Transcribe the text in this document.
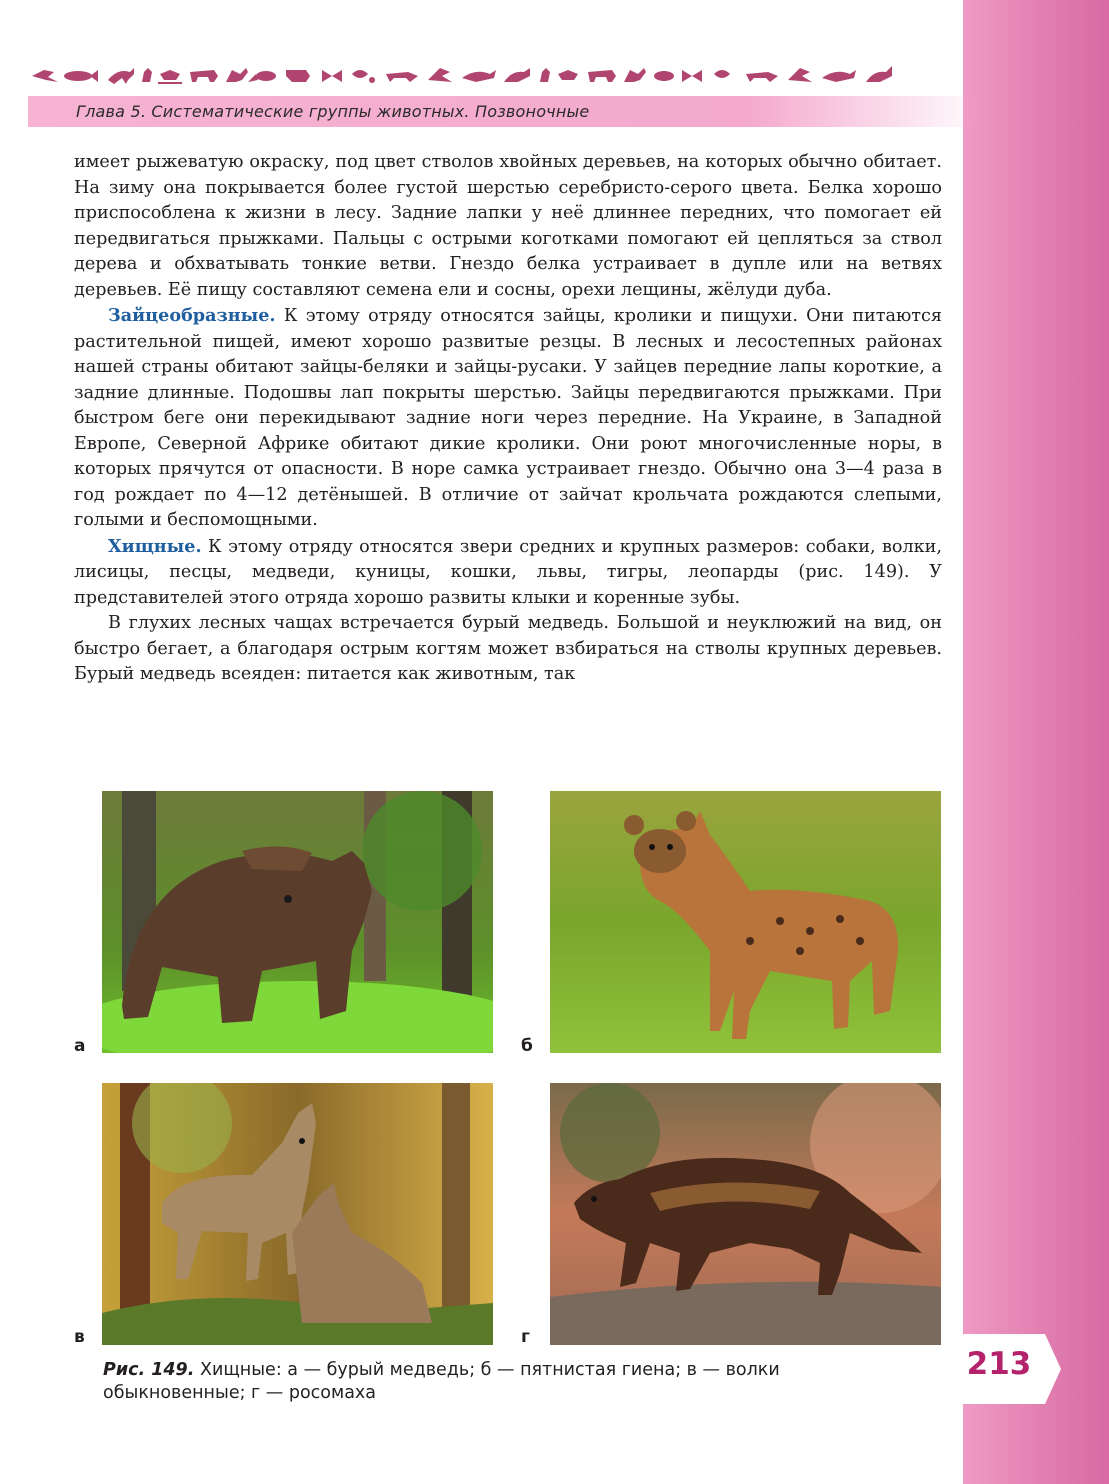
Глава 5. Систематические группы животных. Позвоночные

имеет рыжеватую окраску, под цвет стволов хвойных деревьев, на которых обычно обитает. На зиму она покрывается более густой шерстью серебристо-серого цвета. Белка хорошо приспособлена к жизни в лесу. Задние лапки у неё длиннее передних, что помогает ей передвигаться прыжками. Пальцы с острыми коготками помогают ей цепляться за ствол дерева и обхватывать тонкие ветви. Гнездо белка устраивает в дупле или на ветвях деревьев. Её пищу составляют семена ели и сосны, орехи лещины, жёлуди дуба.

Зайцеобразные. К этому отряду относятся зайцы, кролики и пищухи. Они питаются растительной пищей, имеют хорошо развитые резцы. В лесных и лесостепных районах нашей страны обитают зайцы-беляки и зайцы-русаки. У зайцев передние лапы короткие, а задние длинные. Подошвы лап покрыты шерстью. Зайцы передвигаются прыжками. При быстром беге они перекидывают задние ноги через передние. На Украине, в Западной Европе, Северной Африке обитают дикие кролики. Они роют многочисленные норы, в которых прячутся от опасности. В норе самка устраивает гнездо. Обычно она 3—4 раза в год рождает по 4—12 детёнышей. В отличие от зайчат крольчата рождаются слепыми, голыми и беспомощными.

Хищные. К этому отряду относятся звери средних и крупных размеров: собаки, волки, лисицы, песцы, медведи, куницы, кошки, львы, тигры, леопарды (рис. 149). У представителей этого отряда хорошо развиты клыки и коренные зубы.

В глухих лесных чащах встречается бурый медведь. Большой и неуклюжий на вид, он быстро бегает, а благодаря острым когтям может взбираться на стволы крупных деревьев. Бурый медведь всеяден: питается как животным, так

а	б
в	г
Рис. 149. Хищные: а — бурый медведь; б — пятнистая гиена; в — волки обыкновенные; г — росомаха
213
